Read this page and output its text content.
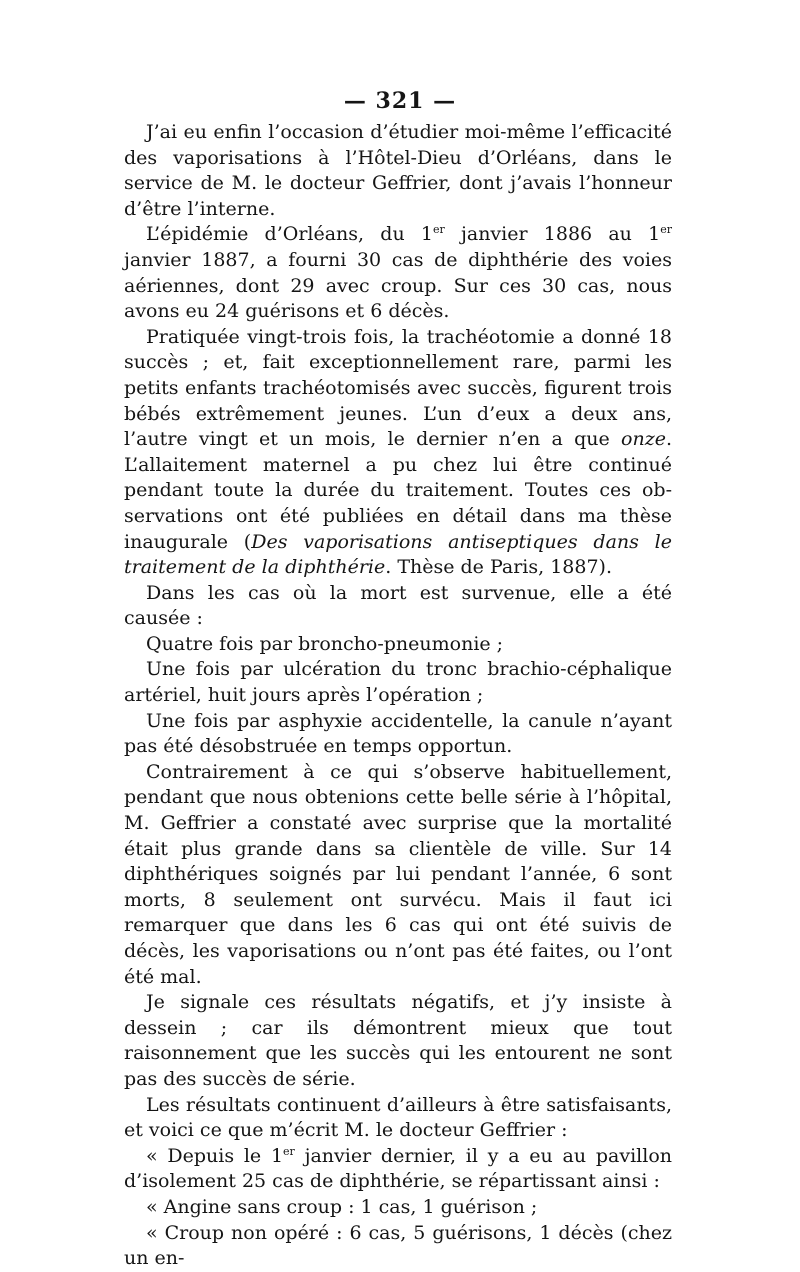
— 321 —

J’ai eu enfin l’occasion d’étudier moi-même l’efficacité des vaporisations à l’Hôtel-Dieu d’Orléans, dans le service de M. le docteur Geffrier, dont j’avais l’honneur d’être l’interne.

L’épidémie d’Orléans, du 1er janvier 1886 au 1er janvier 1887, a fourni 30 cas de diphthérie des voies aériennes, dont 29 avec croup. Sur ces 30 cas, nous avons eu 24 guérisons et 6 décès.

Pratiquée vingt-trois fois, la trachéotomie a donné 18 succès ; et, fait exceptionnellement rare, parmi les petits enfants trachéotomisés avec succès, figurent trois bébés extrêmement jeunes. L’un d’eux a deux ans, l’autre vingt et un mois, le dernier n’en a que onze. L’allaitement maternel a pu chez lui être continué pendant toute la durée du traitement. Toutes ces observations ont été publiées en détail dans ma thèse inaugurale (Des vaporisations antiseptiques dans le traitement de la diphthérie. Thèse de Paris, 1887).

Dans les cas où la mort est survenue, elle a été causée :

Quatre fois par broncho-pneumonie ;

Une fois par ulcération du tronc brachio-céphalique artériel, huit jours après l’opération ;

Une fois par asphyxie accidentelle, la canule n’ayant pas été désobstruée en temps opportun.

Contrairement à ce qui s’observe habituellement, pendant que nous obtenions cette belle série à l’hôpital, M. Geffrier a constaté avec surprise que la mortalité était plus grande dans sa clientèle de ville. Sur 14 diphthériques soignés par lui pendant l’année, 6 sont morts, 8 seulement ont survécu. Mais il faut ici remarquer que dans les 6 cas qui ont été suivis de décès, les vaporisations ou n’ont pas été faites, ou l’ont été mal.

Je signale ces résultats négatifs, et j’y insiste à dessein ; car ils démontrent mieux que tout raisonnement que les succès qui les entourent ne sont pas des succès de série.

Les résultats continuent d’ailleurs à être satisfaisants, et voici ce que m’écrit M. le docteur Geffrier :

« Depuis le 1er janvier dernier, il y a eu au pavillon d’isolement 25 cas de diphthérie, se répartissant ainsi :

« Angine sans croup : 1 cas, 1 guérison ;

« Croup non opéré : 6 cas, 5 guérisons, 1 décès (chez un en-
